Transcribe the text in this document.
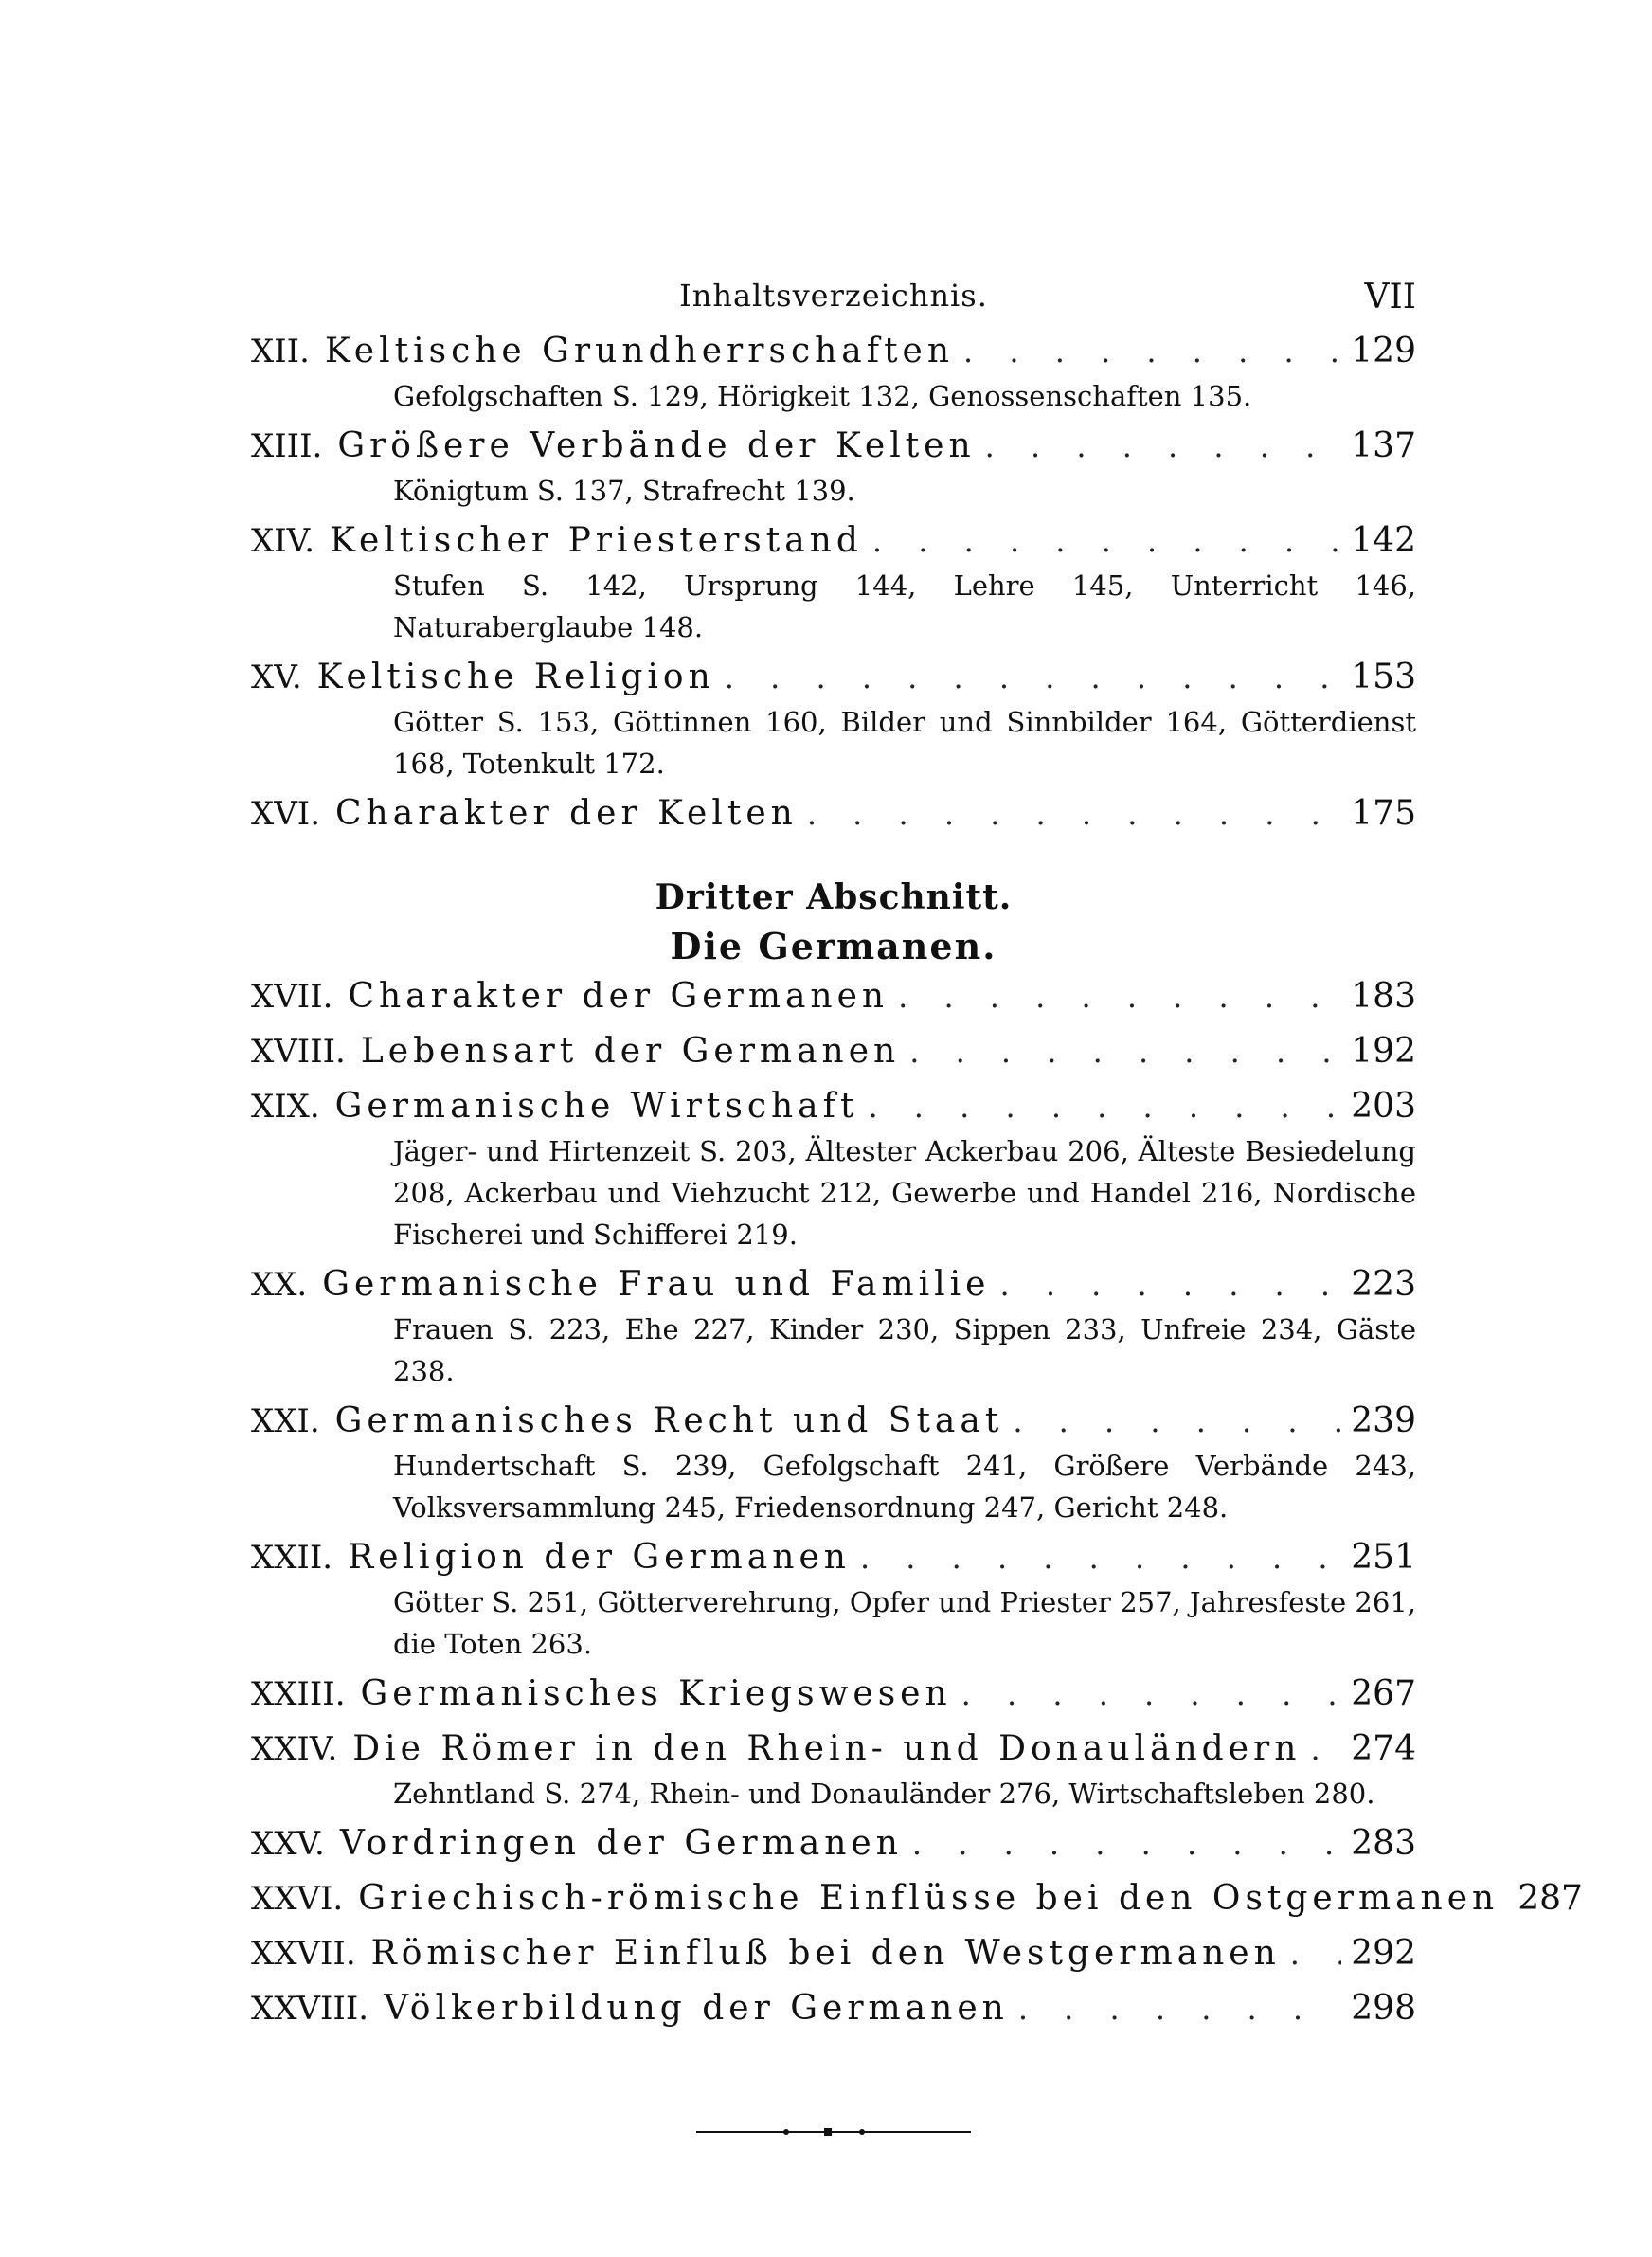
Inhaltsverzeichnis.	VII
XII. Keltische Grundherrschaften . . .	129
Gefolgschaften S. 129, Hörigkeit 132, Genossenschaften 135.
XIII. Größere Verbände der Kelten . . .	137
Königtum S. 137, Strafrecht 139.
XIV. Keltischer Priesterstand . . .	142
Stufen S. 142, Ursprung 144, Lehre 145, Unterricht 146, Naturaberglaube 148.
XV. Keltische Religion . . .	153
Götter S. 153, Göttinnen 160, Bilder und Sinnbilder 164, Götterdienst 168, Totenkult 172.
XVI. Charakter der Kelten . . .	175
Dritter Abschnitt.
Die Germanen.
XVII. Charakter der Germanen . . .	183
XVIII. Lebensart der Germanen . . .	192
XIX. Germanische Wirtschaft . . .	203
Jäger- und Hirtenzeit S. 203, Ältester Ackerbau 206, Älteste Besiedelung 208, Ackerbau und Viehzucht 212, Gewerbe und Handel 216, Nordische Fischerei und Schifferei 219.
XX. Germanische Frau und Familie . . .	223
Frauen S. 223, Ehe 227, Kinder 230, Sippen 233, Unfreie 234, Gäste 238.
XXI. Germanisches Recht und Staat . . .	239
Hundertschaft S. 239, Gefolgschaft 241, Größere Verbände 243, Volksversammlung 245, Friedensordnung 247, Gericht 248.
XXII. Religion der Germanen . . .	251
Götter S. 251, Götterverehrung, Opfer und Priester 257, Jahresfeste 261, die Toten 263.
XXIII. Germanisches Kriegswesen . . .	267
XXIV. Die Römer in den Rhein- und Donauländern . . . 274
Zehntland S. 274, Rhein- und Donauländer 276, Wirtschaftsleben 280.
XXV. Vordringen der Germanen . . .	283
XXVI. Griechisch-römische Einflüsse bei den Ostgermanen 287
XXVII. Römischer Einfluß bei den Westgermanen . . . 292
XXVIII. Völkerbildung der Germanen . . .	298
